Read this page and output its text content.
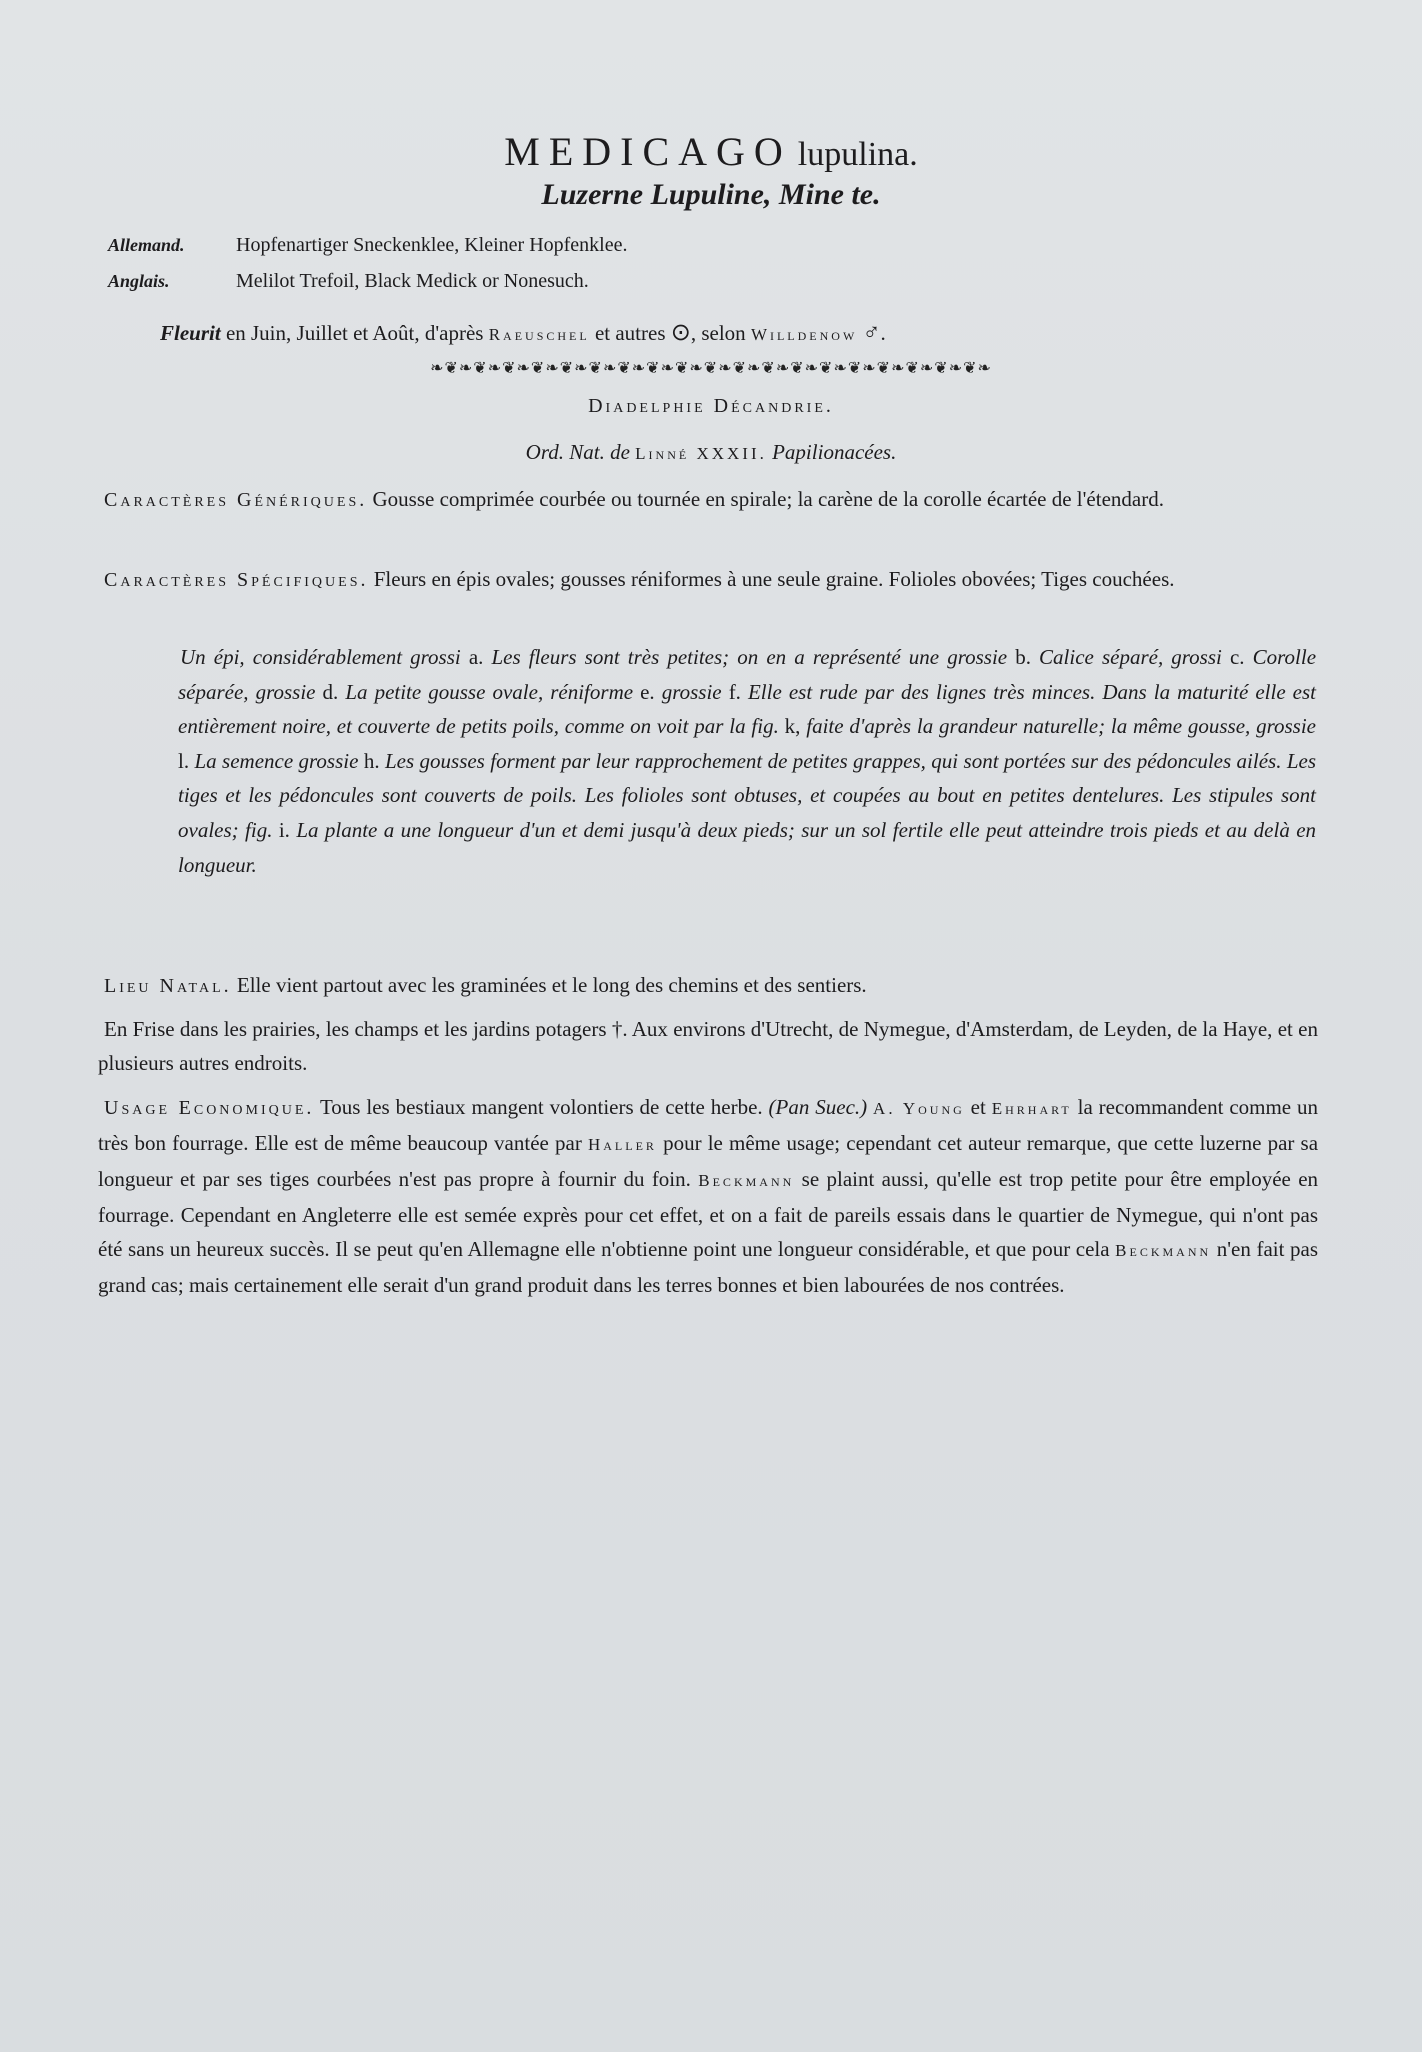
MEDICAGO lupulina.
Luzerne Lupuline, Mine te.
Allemand.	Hopfenartiger Sneckenklee, Kleiner Hopfenklee.
Anglais.	Melilot Trefoil, Black Medick or Nonesuch.
Fleurit en Juin, Juillet et Août, d'après Raeuschel et autres ⊙, selon Willdenow ♂.
❧❦❧❦❧❦❧❦❧❦❧❦❧❦❧❦❧❦❧❦❧❦❧❦❧❦❧❦❧❦❧❦❧❦❧❦❧❦❧
Diadelphie Décandrie.
Ord. Nat. de Linné XXXII. Papilionacées.
Caractères Génériques. Gousse comprimée courbée ou tournée en spirale; la carène de la corolle écartée de l'étendard.
Caractères Spécifiques. Fleurs en épis ovales; gousses réniformes à une seule graine. Folioles obovées; Tiges couchées.
Un épi, considérablement grossi a. Les fleurs sont très petites; on en a représenté une grossie b. Calice séparé, grossi c. Corolle séparée, grossie d. La petite gousse ovale, réniforme e. grossie f. Elle est rude par des lignes très minces. Dans la maturité elle est entièrement noire, et couverte de petits poils, comme on voit par la fig. k, faite d'après la grandeur naturelle; la même gousse, grossie l. La semence grossie h. Les gousses forment par leur rapprochement de petites grappes, qui sont portées sur des pédoncules ailés. Les tiges et les pédoncules sont couverts de poils. Les folioles sont obtuses, et coupées au bout en petites dentelures. Les stipules sont ovales; fig. i. La plante a une longueur d'un et demi jusqu'à deux pieds; sur un sol fertile elle peut atteindre trois pieds et au delà en longueur.
Lieu Natal. Elle vient partout avec les graminées et le long des chemins et des sentiers.
En Frise dans les prairies, les champs et les jardins potagers †. Aux environs d'Utrecht, de Nymegue, d'Amsterdam, de Leyden, de la Haye, et en plusieurs autres endroits.
Usage Economique. Tous les bestiaux mangent volontiers de cette herbe. (Pan Suec.) A. Young et Ehrhart la recommandent comme un très bon fourrage. Elle est de même beaucoup vantée par Haller pour le même usage; cependant cet auteur remarque, que cette luzerne par sa longueur et par ses tiges courbées n'est pas propre à fournir du foin. Beckmann se plaint aussi, qu'elle est trop petite pour être employée en fourrage. Cependant en Angleterre elle est semée exprès pour cet effet, et on a fait de pareils essais dans le quartier de Nymegue, qui n'ont pas été sans un heureux succès. Il se peut qu'en Allemagne elle n'obtienne point une longueur considérable, et que pour cela Beckmann n'en fait pas grand cas; mais certainement elle serait d'un grand produit dans les terres bonnes et bien labourées de nos contrées.
